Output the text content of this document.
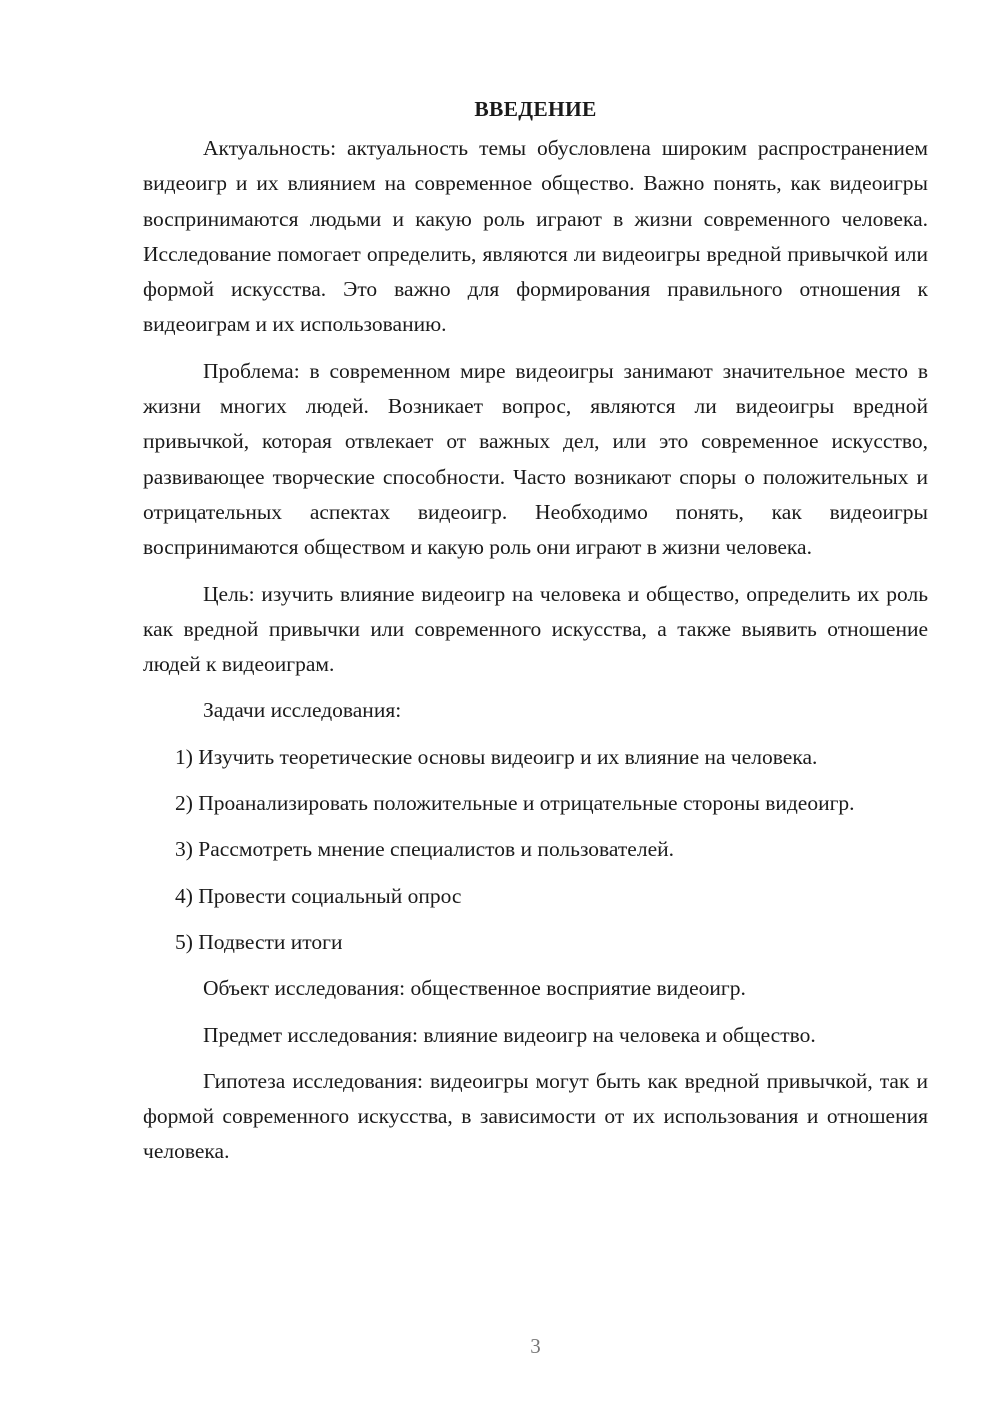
ВВЕДЕНИЕ

Актуальность: актуальность темы обусловлена широким распространением видеоигр и их влиянием на современное общество. Важно понять, как видеоигры воспринимаются людьми и какую роль играют в жизни современного человека. Исследование помогает определить, являются ли видеоигры вредной привычкой или формой искусства. Это важно для формирования правильного отношения к видеоиграм и их использованию.

Проблема: в современном мире видеоигры занимают значительное место в жизни многих людей. Возникает вопрос, являются ли видеоигры вредной привычкой, которая отвлекает от важных дел, или это современное искусство, развивающее творческие способности. Часто возникают споры о положительных и отрицательных аспектах видеоигр. Необходимо понять, как видеоигры воспринимаются обществом и какую роль они играют в жизни человека.

Цель: изучить влияние видеоигр на человека и общество, определить их роль как вредной привычки или современного искусства, а также выявить отношение людей к видеоиграм.

Задачи исследования:

1) Изучить теоретические основы видеоигр и их влияние на человека.

2) Проанализировать положительные и отрицательные стороны видеоигр.

3) Рассмотреть мнение специалистов и пользователей.

4) Провести социальный опрос

5) Подвести итоги

Объект исследования: общественное восприятие видеоигр.

Предмет исследования: влияние видеоигр на человека и общество.

Гипотеза исследования: видеоигры могут быть как вредной привычкой, так и формой современного искусства, в зависимости от их использования и отношения человека.

3
